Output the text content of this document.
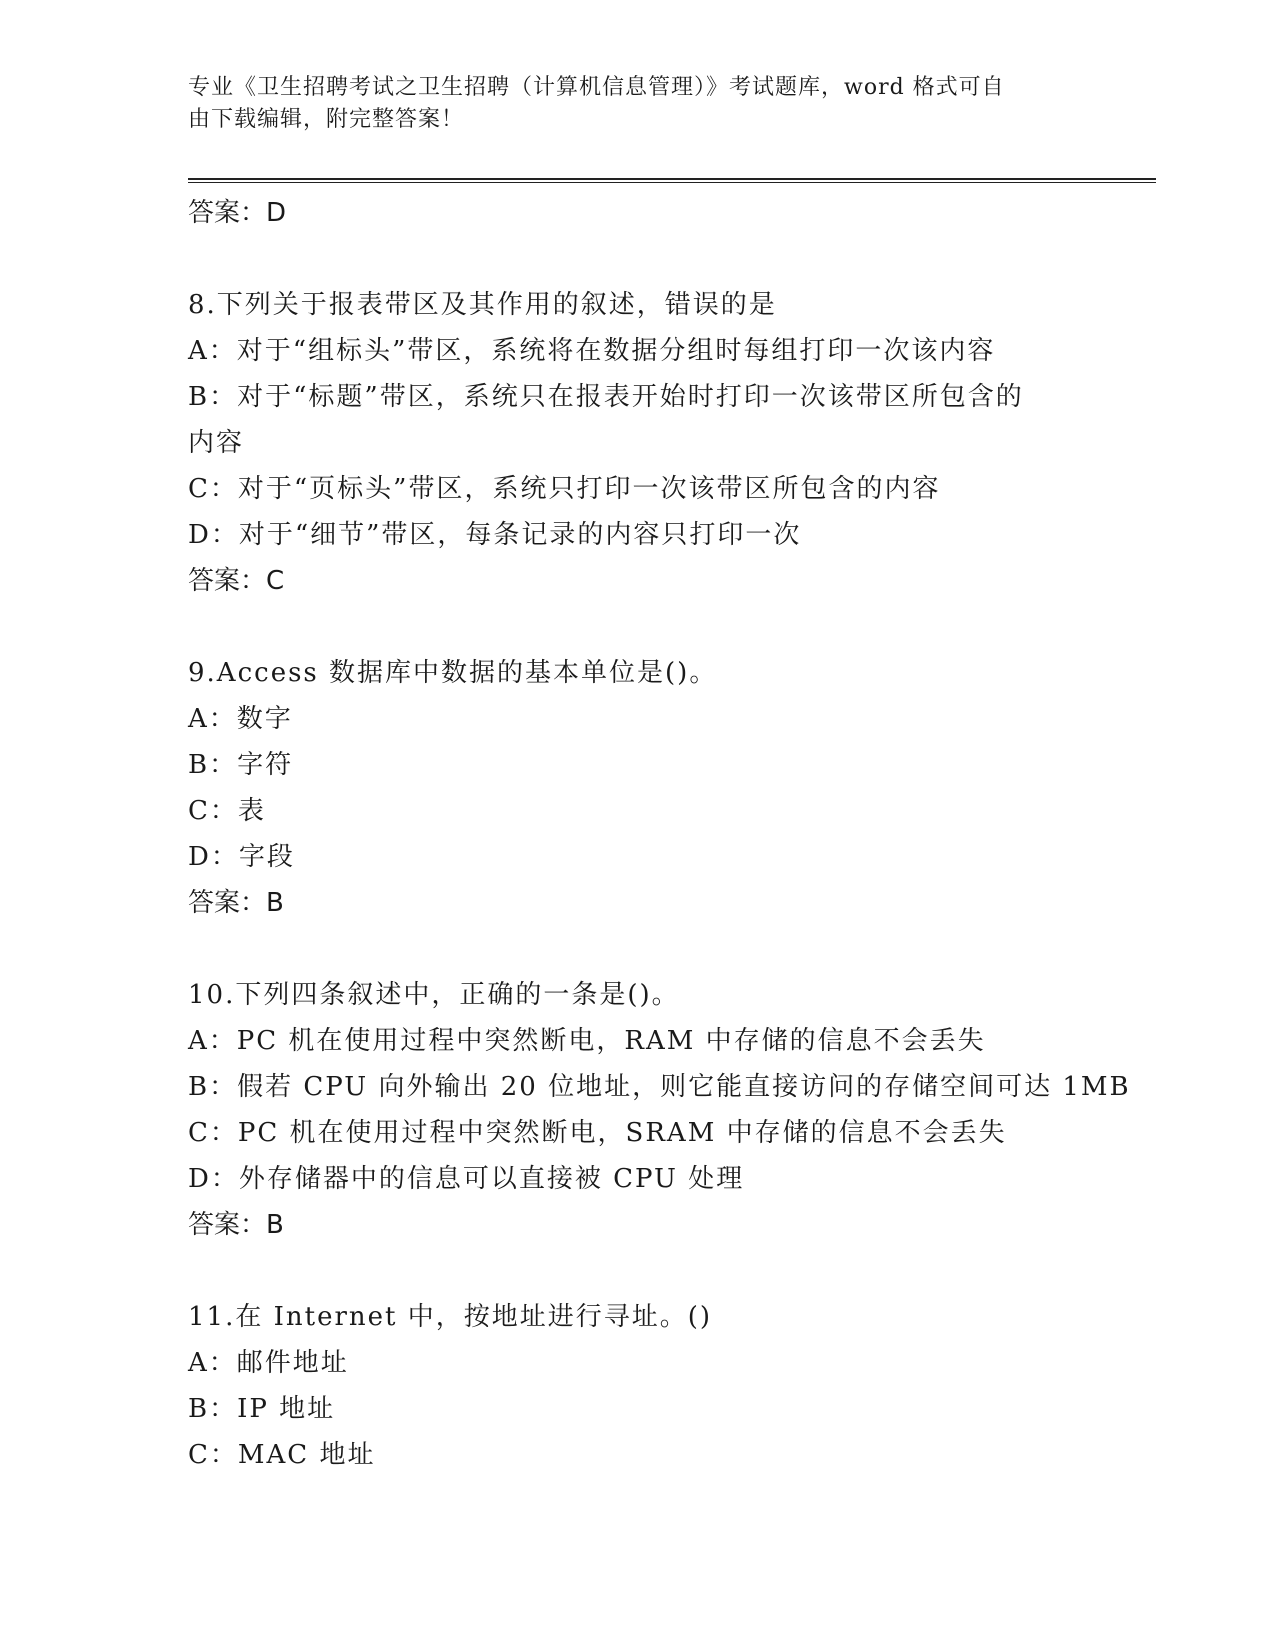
专业《卫生招聘考试之卫生招聘（计算机信息管理）》考试题库，word 格式可自
由下载编辑，附完整答案！
答案：D
8.下列关于报表带区及其作用的叙述，错误的是
A：对于“组标头”带区，系统将在数据分组时每组打印一次该内容
B：对于“标题”带区，系统只在报表开始时打印一次该带区所包含的
内容
C：对于“页标头”带区，系统只打印一次该带区所包含的内容
D：对于“细节”带区，每条记录的内容只打印一次
答案：C
9.Access 数据库中数据的基本单位是()。
A：数字
B：字符
C：表
D：字段
答案：B
10.下列四条叙述中，正确的一条是()。
A：PC 机在使用过程中突然断电，RAM 中存储的信息不会丢失
B：假若 CPU 向外输出 20 位地址，则它能直接访问的存储空间可达 1MB
C：PC 机在使用过程中突然断电，SRAM 中存储的信息不会丢失
D：外存储器中的信息可以直接被 CPU 处理
答案：B
11.在 Internet 中，按地址进行寻址。()
A：邮件地址
B：IP 地址
C：MAC 地址
